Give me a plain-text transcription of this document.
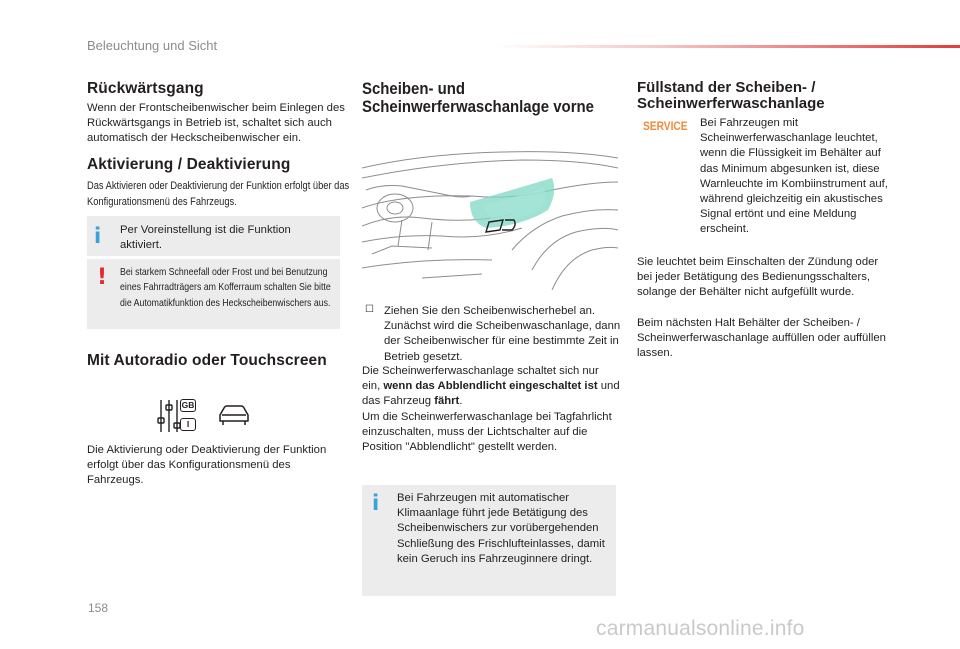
Beleuchtung und Sicht
Rückwärtsgang

Wenn der Frontscheibenwischer beim Einlegen des Rückwärtsgangs in Betrieb ist, schaltet sich auch automatisch der Heckscheibenwischer ein.

Aktivierung / Deaktivierung

Das Aktivieren oder Deaktivierung der Funktion erfolgt über das Konfigurationsmenü des Fahrzeugs.

i Per Voreinstellung ist die Funktion aktiviert.

! Bei starkem Schneefall oder Frost und bei Benutzung eines Fahrradträgers am Kofferraum schalten Sie bitte die Automatikfunktion des Heckscheibenwischers aus.

Mit Autoradio oder Touchscreen
GB
I

Die Aktivierung oder Deaktivierung der Funktion erfolgt über das Konfigurationsmenü des Fahrzeugs.

Scheiben- und
Scheinwerferwaschanlage vorne
☐ Ziehen Sie den Scheibenwischerhebel an. Zunächst wird die Scheibenwaschanlage, dann der Scheibenwischer für eine bestimmte Zeit in Betrieb gesetzt.

Die Scheinwerferwaschanlage schaltet sich nur ein, wenn das Abblendlicht eingeschaltet ist und das Fahrzeug fährt.

Um die Scheinwerferwaschanlage bei Tagfahrlicht einzuschalten, muss der Lichtschalter auf die Position "Abblendlicht" gestellt werden.

i Bei Fahrzeugen mit automatischer Klimaanlage führt jede Betätigung des Scheibenwischers zur vorübergehenden Schließung des Frischlufteinlasses, damit kein Geruch ins Fahrzeuginnere dringt.

Füllstand der Scheiben- /
Scheinwerferwaschanlage
SERVICE Bei Fahrzeugen mit Scheinwerferwaschanlage leuchtet, wenn die Flüssigkeit im Behälter auf das Minimum abgesunken ist, diese Warnleuchte im Kombiinstrument auf, während gleichzeitig ein akustisches Signal ertönt und eine Meldung erscheint.

Sie leuchtet beim Einschalten der Zündung oder bei jeder Betätigung des Bedienungsschalters, solange der Behälter nicht aufgefüllt wurde.

Beim nächsten Halt Behälter der Scheiben- / Scheinwerferwaschanlage auffüllen oder auffüllen lassen.

158
carmanualsonline.info
